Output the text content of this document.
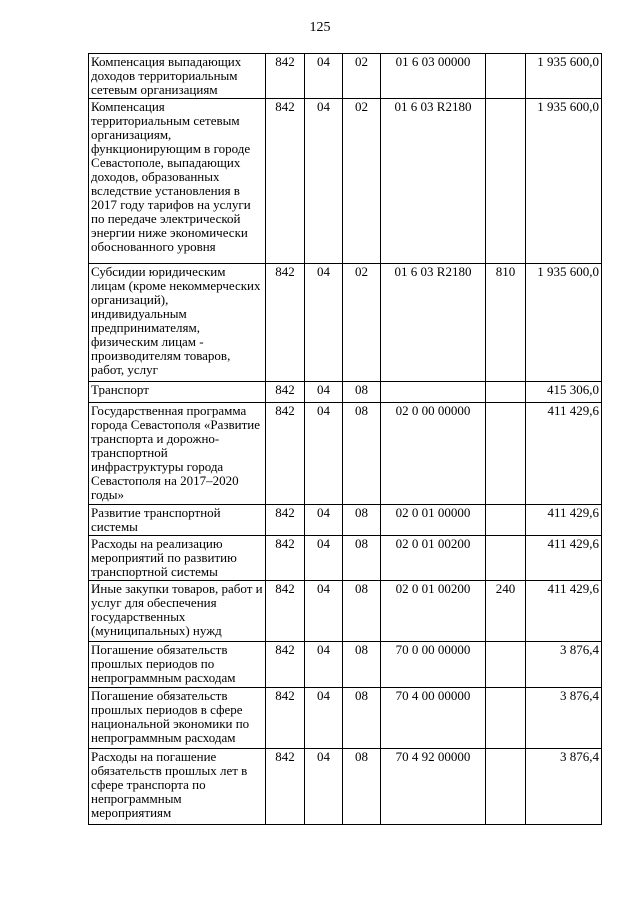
125
Компенсация выпадающих доходов территориальным сетевым организациям	842	04	02	01 6 03 00000		1 935 600,0
Компенсация территориальным сетевым организациям, функционирующим в городе Севастополе, выпадающих доходов, образованных вследствие установления в 2017 году тарифов на услуги по передаче электрической энергии ниже экономически обоснованного уровня	842	04	02	01 6 03 R2180		1 935 600,0
Субсидии юридическим лицам (кроме некоммерческих организаций), индивидуальным предпринимателям, физическим лицам - производителям товаров, работ, услуг	842	04	02	01 6 03 R2180	810	1 935 600,0
Транспорт	842	04	08			415 306,0
Государственная программа города Севастополя «Развитие транспорта и дорожно-транспортной инфраструктуры города Севастополя на 2017–2020 годы»	842	04	08	02 0 00 00000		411 429,6
Развитие транспортной системы	842	04	08	02 0 01 00000		411 429,6
Расходы на реализацию мероприятий по развитию транспортной системы	842	04	08	02 0 01 00200		411 429,6
Иные закупки товаров, работ и услуг для обеспечения государственных (муниципальных) нужд	842	04	08	02 0 01 00200	240	411 429,6
Погашение обязательств прошлых периодов по непрограммным расходам	842	04	08	70 0 00 00000		3 876,4
Погашение обязательств прошлых периодов в сфере национальной экономики по непрограммным расходам	842	04	08	70 4 00 00000		3 876,4
Расходы на погашение обязательств прошлых лет в сфере транспорта по непрограммным мероприятиям	842	04	08	70 4 92 00000		3 876,4
